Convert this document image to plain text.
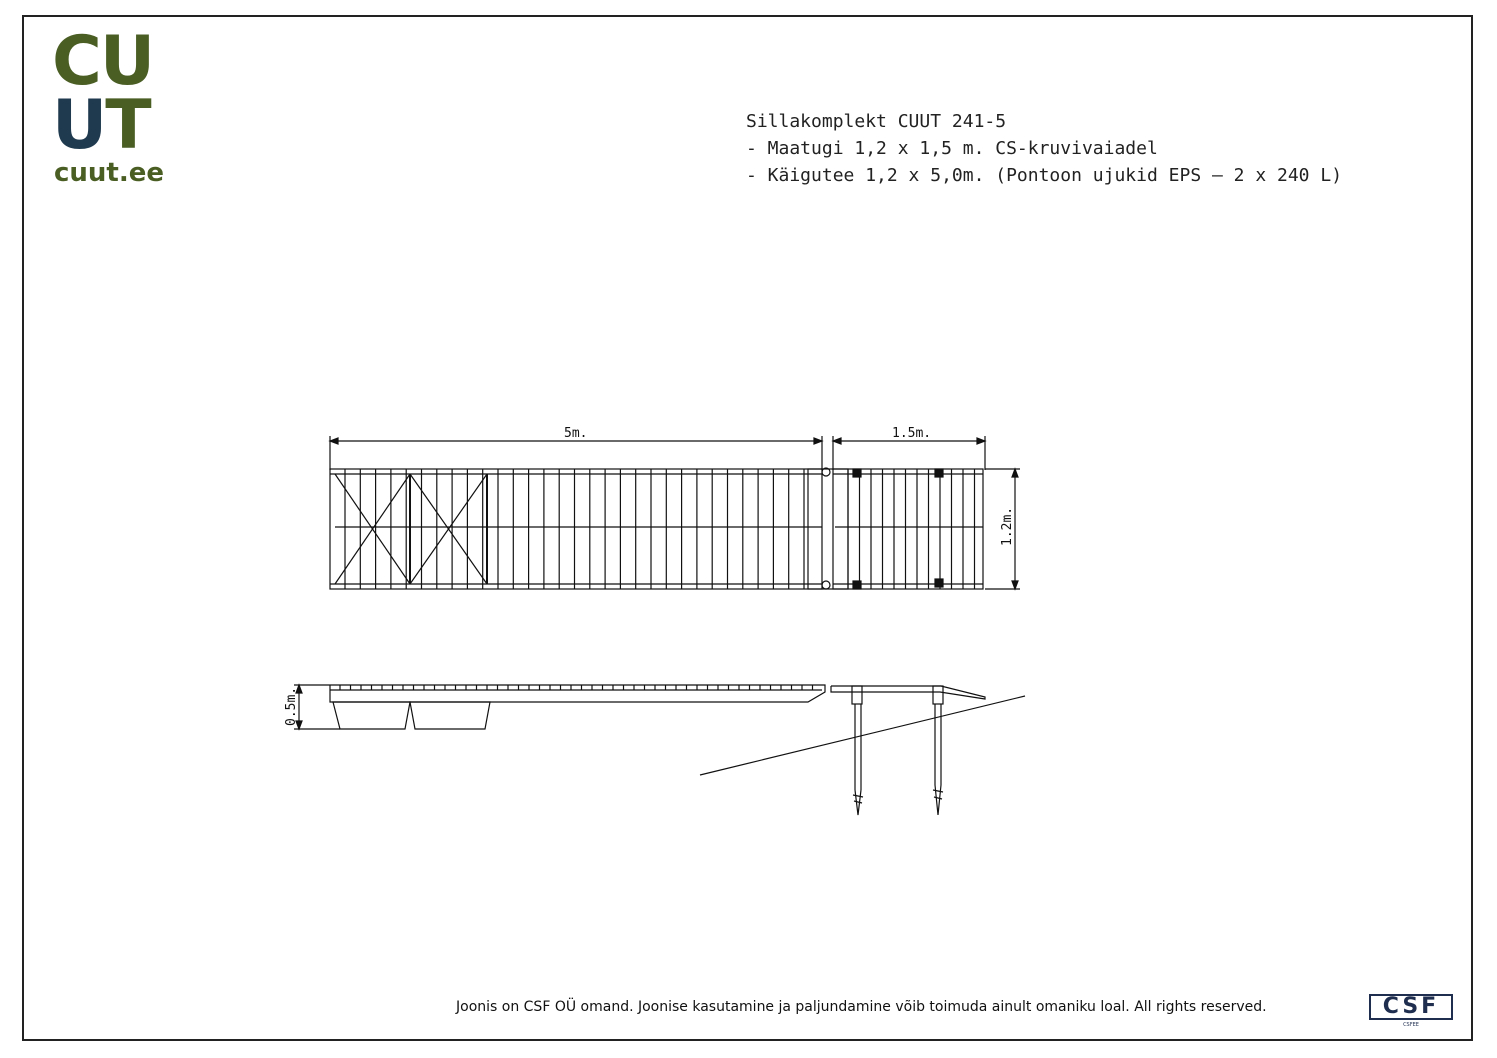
CU
UT
cuut.ee
Sillakomplekt CUUT 241-5
- Maatugi 1,2 x 1,5 m. CS-kruvivaiadel
- Käigutee 1,2 x 5,0m. (Pontoon ujukid EPS — 2 x 240 L)
5m.	1.5m.
1.2m.
0.5m.
Joonis on CSF OÜ omand. Joonise kasutamine ja paljundamine võib toimuda ainult omaniku loal. All rights reserved.	CSF
CSFEE
